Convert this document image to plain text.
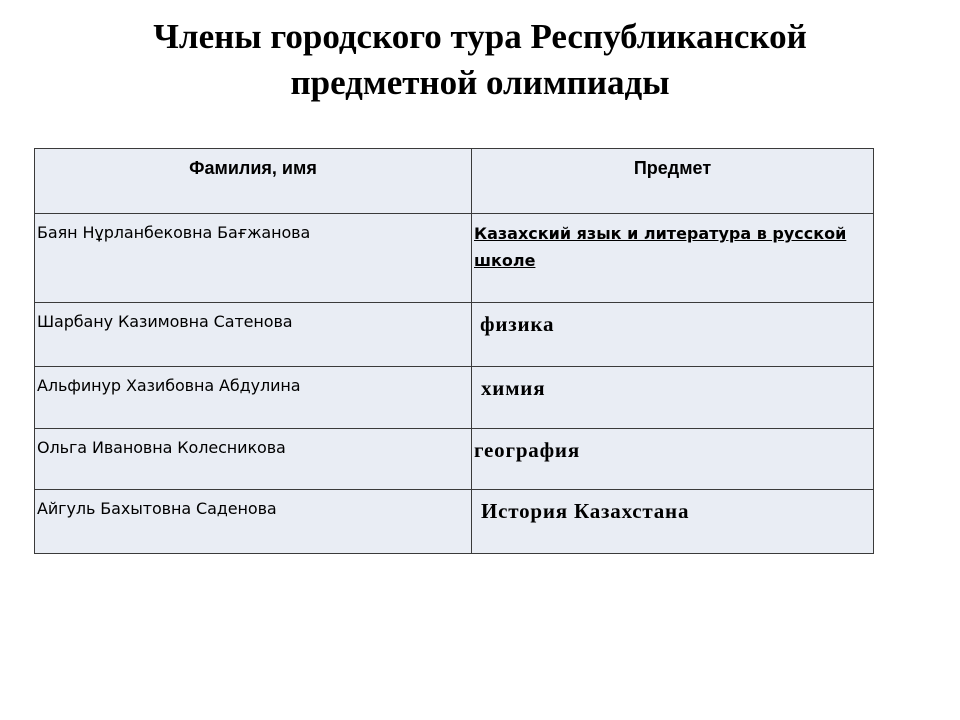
Члены городского тура Республиканской
предметной олимпиады
Фамилия, имя	Предмет

Баян Нұрланбековна Бағжанова	Казахский язык и литература в русской школе

Шарбану Казимовна Сатенова	физика

Альфинур Хазибовна Абдулина	химия

Ольга Ивановна Колесникова	география

Айгуль Бахытовна Саденова	История Казахстана
